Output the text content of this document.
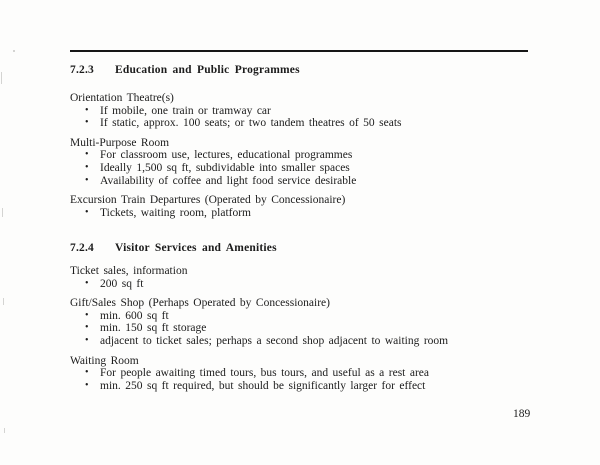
7.2.3	Education and Public Programmes
Orientation Theatre(s)
• If mobile, one train or tramway car
• If static, approx. 100 seats; or two tandem theatres of 50 seats
Multi-Purpose Room
• For classroom use, lectures, educational programmes
• Ideally 1,500 sq ft, subdividable into smaller spaces
• Availability of coffee and light food service desirable
Excursion Train Departures (Operated by Concessionaire)
• Tickets, waiting room, platform
7.2.4	Visitor Services and Amenities
Ticket sales, information
• 200 sq ft
Gift/Sales Shop (Perhaps Operated by Concessionaire)
• min. 600 sq ft
• min. 150 sq ft storage
• adjacent to ticket sales; perhaps a second shop adjacent to waiting room
Waiting Room
• For people awaiting timed tours, bus tours, and useful as a rest area
• min. 250 sq ft required, but should be significantly larger for effect
189
